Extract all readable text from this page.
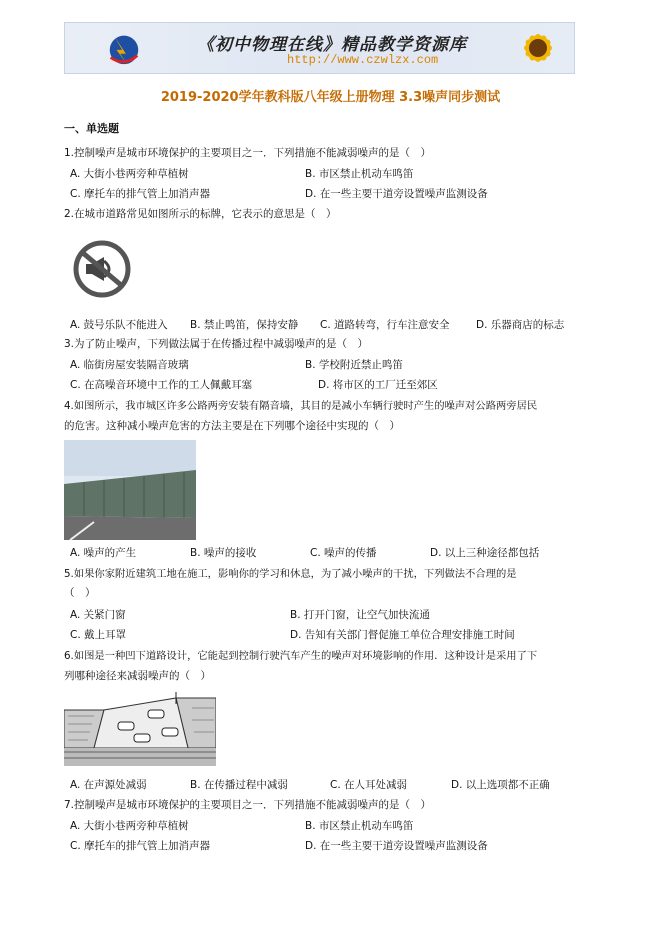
《初中物理在线》精品教学资源库
http://www.czwlzx.com
2019-2020学年教科版八年级上册物理 3.3噪声同步测试
一、单选题
1.控制噪声是城市环境保护的主要项目之一．下列措施不能减弱噪声的是（　）
A. 大街小巷两旁种草植树	B. 市区禁止机动车鸣笛
C. 摩托车的排气管上加消声器	D. 在一些主要干道旁设置噪声监测设备
2.在城市道路常见如图所示的标牌，它表示的意思是（　）
A. 鼓号乐队不能进入 B. 禁止鸣笛，保持安静 C. 道路转弯，行车注意安全	D. 乐器商店的标志
3.为了防止噪声，下列做法属于在传播过程中减弱噪声的是（　）
A. 临街房屋安装隔音玻璃	B. 学校附近禁止鸣笛
C. 在高噪音环境中工作的工人佩戴耳塞	D. 将市区的工厂迁至郊区
4.如图所示，我市城区许多公路两旁安装有隔音墙，其目的是减小车辆行驶时产生的噪声对公路两旁居民
的危害。这种减小噪声危害的方法主要是在下列哪个途径中实现的（　）
A. 噪声的产生	B. 噪声的接收	C. 噪声的传播	D. 以上三种途径都包括
5.如果你家附近建筑工地在施工，影响你的学习和休息，为了减小噪声的干扰，下列做法不合理的是
（　）
A. 关紧门窗	B. 打开门窗，让空气加快流通
C. 戴上耳罩	D. 告知有关部门督促施工单位合理安排施工时间
6.如图是一种凹下道路设计，它能起到控制行驶汽车产生的噪声对环境影响的作用．这种设计是采用了下
列哪种途径来减弱噪声的（　）
A. 在声源处减弱	B. 在传播过程中减弱	C. 在人耳处减弱	D. 以上选项都不正确
7.控制噪声是城市环境保护的主要项目之一．下列措施不能减弱噪声的是（　）
A. 大街小巷两旁种草植树	B. 市区禁止机动车鸣笛
C. 摩托车的排气管上加消声器	D. 在一些主要干道旁设置噪声监测设备
